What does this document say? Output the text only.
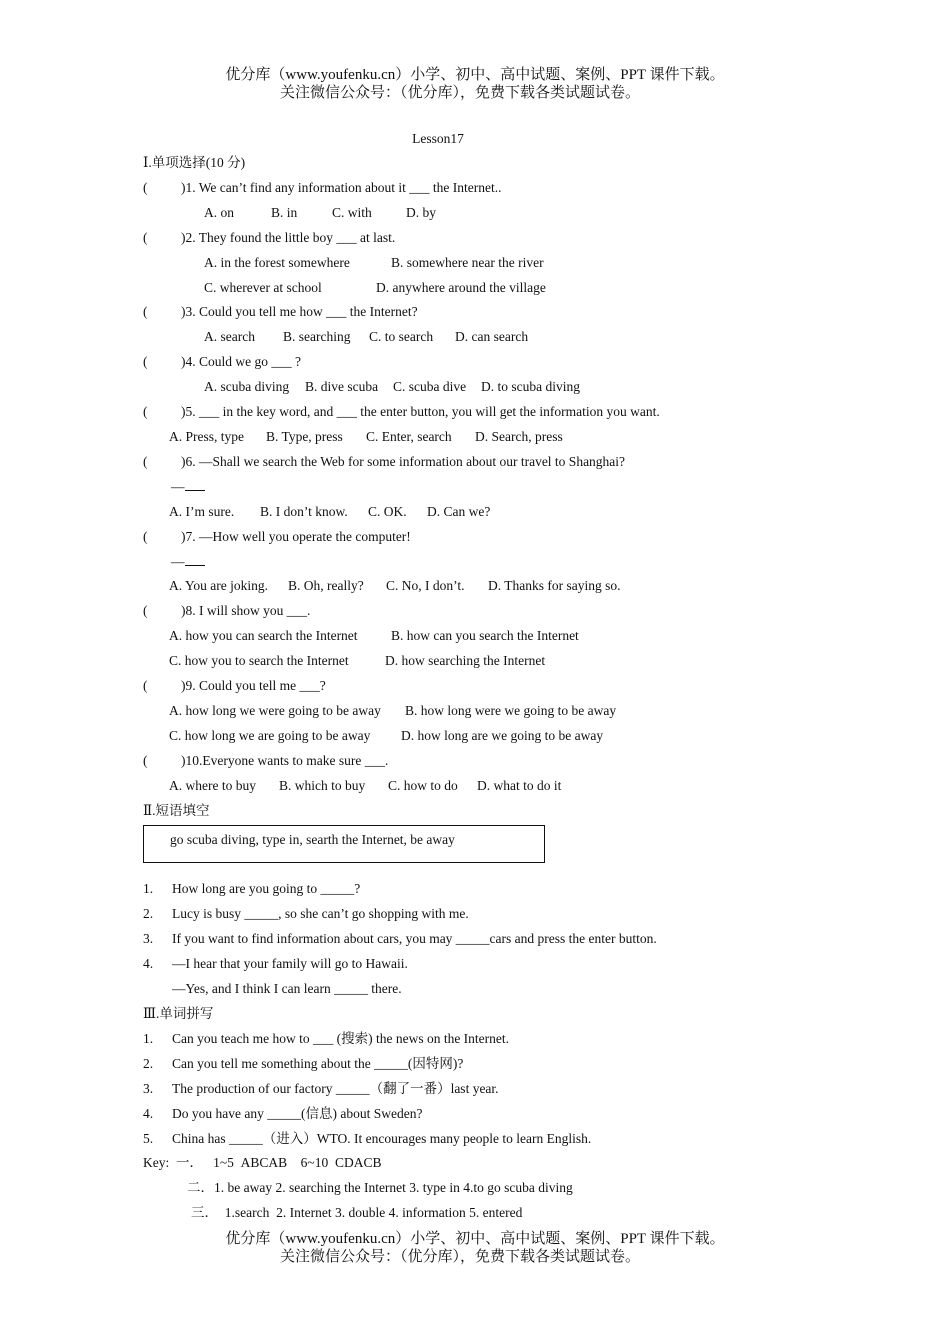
优分库（www.youfenku.cn）小学、初中、高中试题、案例、PPT 课件下载。
关注微信公众号：（优分库），免费下载各类试题试卷。
Lesson17
Ⅰ.单项选择(10 分)
( )1. We can’t find any information about it ___ the Internet..
A. on	B. in	C. with	D. by
( )2. They found the little boy ___ at last.
A. in the forest somewhere	B. somewhere near the river
C. wherever at school	D. anywhere around the village
( )3. Could you tell me how ___ the Internet?
A. search B. searching C. to search D. can search
( )4. Could we go ___ ?
A. scuba diving B. dive scuba C. scuba dive D. to scuba diving
( )5. ___ in the key word, and ___ the enter button, you will get the information you want.
A. Press, type B. Type, press C. Enter, search D. Search, press
( )6. —Shall we search the Web for some information about our travel to Shanghai?
—
A. I’m sure. B. I don’t know. C. OK. D. Can we?
( )7. —How well you operate the computer!
—
A. You are joking. B. Oh, really? C. No, I don’t. D. Thanks for saying so.
( )8. I will show you ___.
A. how you can search the Internet B. how can you search the Internet
C. how you to search the Internet	D. how searching the Internet
( )9. Could you tell me ___?
A. how long we were going to be away B. how long were we going to be away
C. how long we are going to be away D. how long are we going to be away
( )10.Everyone wants to make sure ___.
A. where to buy B. which to buy C. how to do D. what to do it
Ⅱ.短语填空
go scuba diving, type in, searth the Internet, be away
1. How long are you going to _____?
2. Lucy is busy _____, so she can’t go shopping with me.
3. If you want to find information about cars, you may _____cars and press the enter button.
4. —I hear that your family will go to Hawaii.
—Yes, and I think I can learn _____ there.
Ⅲ.单词拼写
1. Can you teach me how to ___ (搜索) the news on the Internet.
2. Can you tell me something about the _____(因特网)?
3. The production of our factory _____（翻了一番）last year.
4. Do you have any _____(信息) about Sweden?
5. China has _____（进入）WTO. It encourages many people to learn English.
Key:  一．   1~5  ABCAB    6~10  CDACB
二．1. be away 2. searching the Internet 3. type in 4.to go scuba diving
三．  1.search  2. Internet 3. double 4. information 5. entered
优分库（www.youfenku.cn）小学、初中、高中试题、案例、PPT 课件下载。
关注微信公众号：（优分库），免费下载各类试题试卷。
